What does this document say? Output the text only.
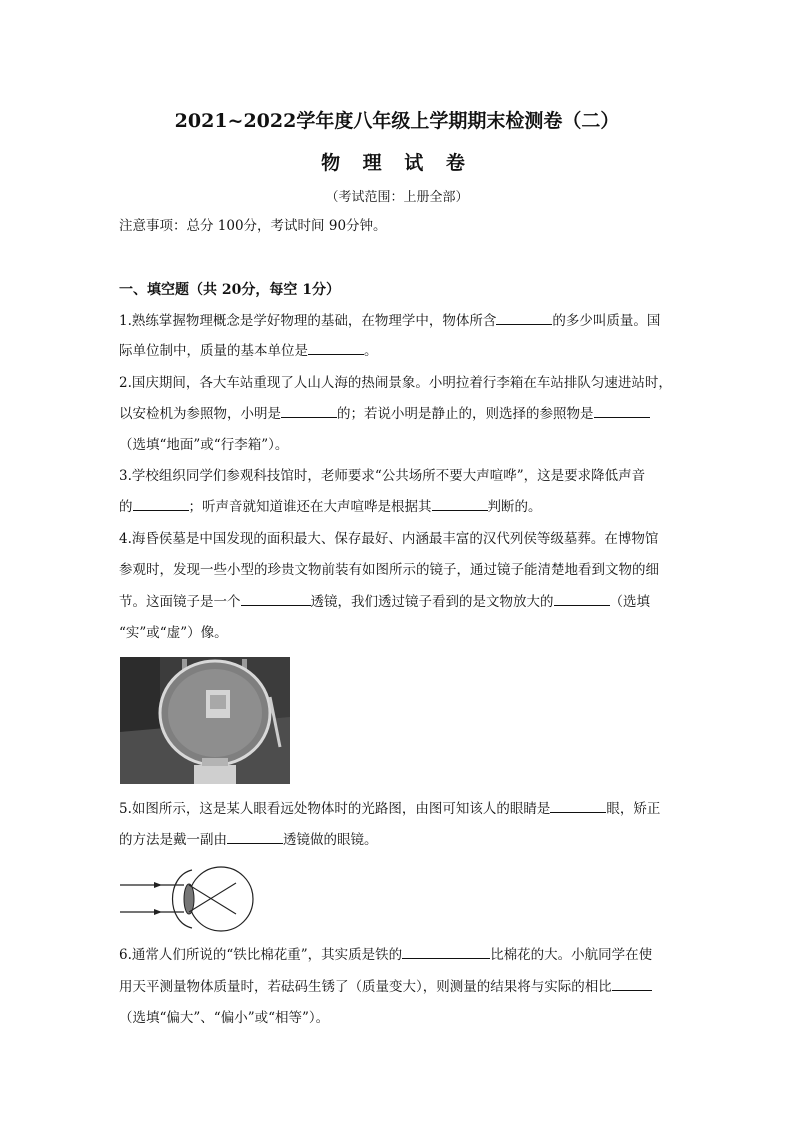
2021~2022学年度八年级上学期期末检测卷（二）
物 理 试 卷
（考试范围：上册全部）
注意事项：总分 100分，考试时间 90分钟。
一、填空题（共 20分，每空 1分）
1.熟练掌握物理概念是学好物理的基础，在物理学中，物体所含	的多少叫质量。国
际单位制中，质量的基本单位是	。
2.国庆期间，各大车站重现了人山人海的热闹景象。小明拉着行李箱在车站排队匀速进站时，
以安检机为参照物，小明是	的；若说小明是静止的，则选择的参照物是
（选填“地面”或“行李箱”）。
3.学校组织同学们参观科技馆时，老师要求“公共场所不要大声喧哗”，这是要求降低声音
的	；听声音就知道谁还在大声喧哗是根据其	判断的。
4.海昏侯墓是中国发现的面积最大、保存最好、内涵最丰富的汉代列侯等级墓葬。在博物馆
参观时，发现一些小型的珍贵文物前装有如图所示的镜子，通过镜子能清楚地看到文物的细
节。这面镜子是一个	透镜，我们透过镜子看到的是文物放大的	（选填
“实”或“虚”）像。
5.如图所示，这是某人眼看远处物体时的光路图，由图可知该人的眼睛是	眼，矫正
的方法是戴一副由	透镜做的眼镜。
6.通常人们所说的“铁比棉花重”，其实质是铁的	比棉花的大。小航同学在使
用天平测量物体质量时，若砝码生锈了（质量变大），则测量的结果将与实际的相比
（选填“偏大”、“偏小”或“相等”）。
